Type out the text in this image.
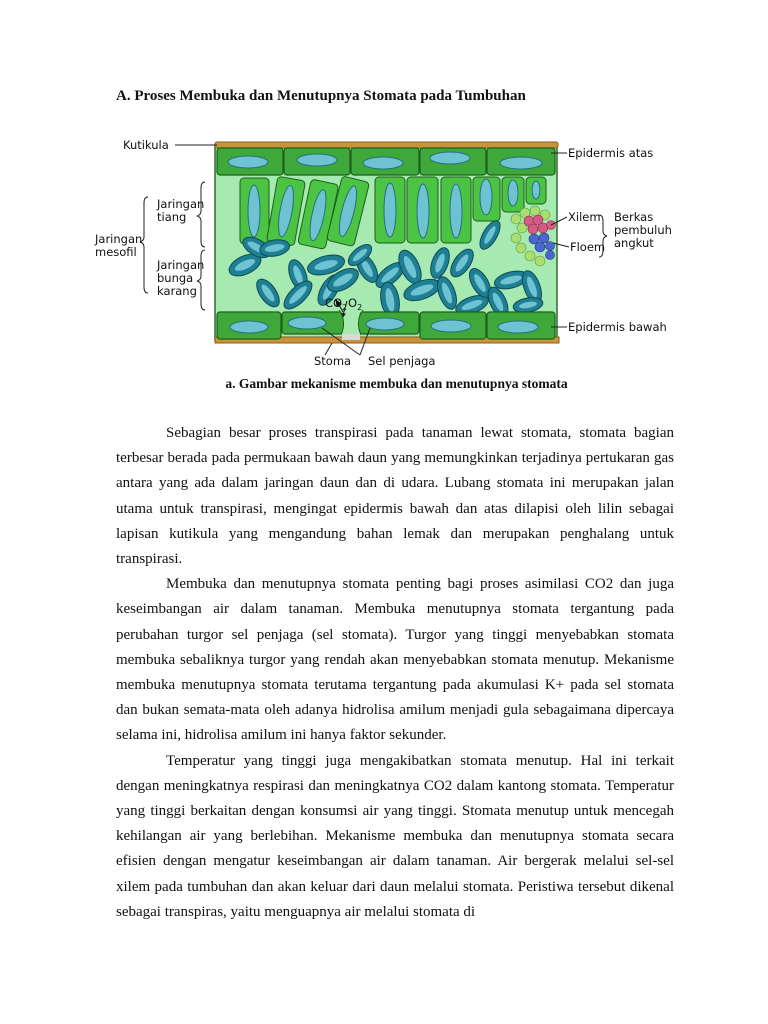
A. Proses Membuka dan Menutupnya Stomata pada Tumbuhan
$CO_2$ $O_2$
Kutikula
Jaringan
tiang
Jaringan
mesofil
Jaringan
bunga
karang
Epidermis atas
Xilem
Floem
Berkas
pembuluh
angkut
Epidermis bawah
Stoma Sel penjaga
a. Gambar mekanisme membuka dan menutupnya stomata

Sebagian besar proses transpirasi pada tanaman lewat stomata, stomata bagian terbesar berada pada permukaan bawah daun yang memungkinkan terjadinya pertukaran gas antara yang ada dalam jaringan daun dan di udara. Lubang stomata ini merupakan jalan utama untuk transpirasi, mengingat epidermis bawah dan atas dilapisi oleh lilin sebagai lapisan kutikula yang mengandung bahan lemak dan merupakan penghalang untuk transpirasi.

Membuka dan menutupnya stomata penting bagi proses asimilasi CO2 dan juga keseimbangan air dalam tanaman. Membuka menutupnya stomata tergantung pada perubahan turgor sel penjaga (sel stomata). Turgor yang tinggi menyebabkan stomata membuka sebaliknya turgor yang rendah akan menyebabkan stomata menutup. Mekanisme membuka menutupnya stomata terutama tergantung pada akumulasi K+ pada sel stomata dan bukan semata-mata oleh adanya hidrolisa amilum menjadi gula sebagaimana dipercaya selama ini, hidrolisa amilum ini hanya faktor sekunder.

Temperatur yang tinggi juga mengakibatkan stomata menutup. Hal ini terkait dengan meningkatnya respirasi dan meningkatnya CO2 dalam kantong stomata. Temperatur yang tinggi berkaitan dengan konsumsi air yang tinggi. Stomata menutup untuk mencegah kehilangan air yang berlebihan. Mekanisme membuka dan menutupnya stomata secara efisien dengan mengatur keseimbangan air dalam tanaman. Air bergerak melalui sel-sel xilem pada tumbuhan dan akan keluar dari daun melalui stomata. Peristiwa tersebut dikenal sebagai transpiras, yaitu menguapnya air melalui stomata di
